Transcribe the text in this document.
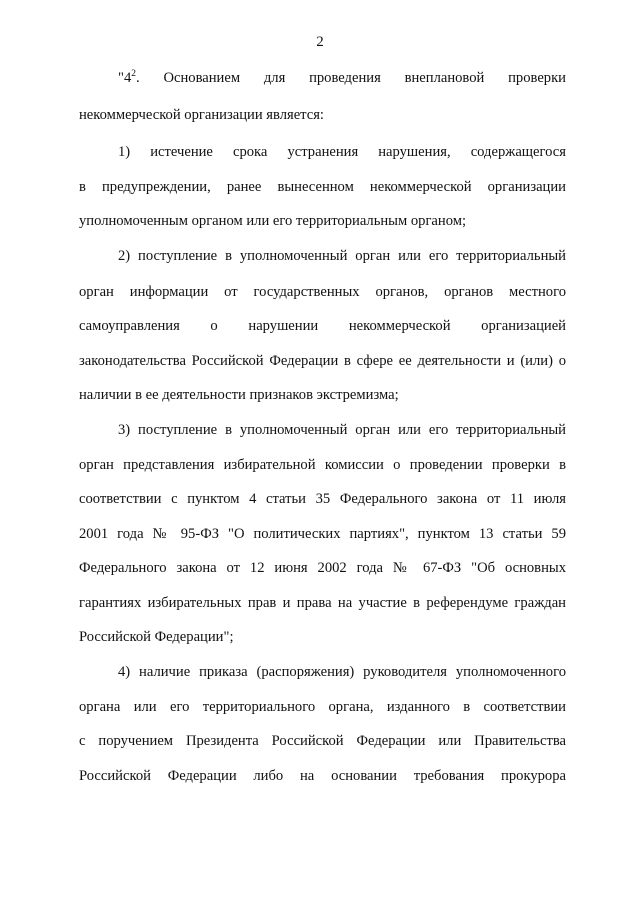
2
"$4^2$. Основанием для проведения внеплановой проверки
некоммерческой организации является:
1) истечение срока устранения нарушения, содержащегося
в предупреждении, ранее вынесенном некоммерческой организации
уполномоченным органом или его территориальным органом;
2) поступление в уполномоченный орган или его территориальный
орган информации от государственных органов, органов местного
самоуправления о нарушении некоммерческой организацией
законодательства Российской Федерации в сфере ее деятельности и (или) о
наличии в ее деятельности признаков экстремизма;
3) поступление в уполномоченный орган или его территориальный
орган представления избирательной комиссии о проведении проверки в
соответствии с пунктом 4 статьи 35 Федерального закона от 11 июля
2001 года № 95-ФЗ "О политических партиях", пунктом 13 статьи 59
Федерального закона от 12 июня 2002 года № 67-ФЗ "Об основных
гарантиях избирательных прав и права на участие в референдуме граждан
Российской Федерации";
4) наличие приказа (распоряжения) руководителя уполномоченного
органа или его территориального органа, изданного в соответствии
с поручением Президента Российской Федерации или Правительства
Российской Федерации либо на основании требования прокурора
